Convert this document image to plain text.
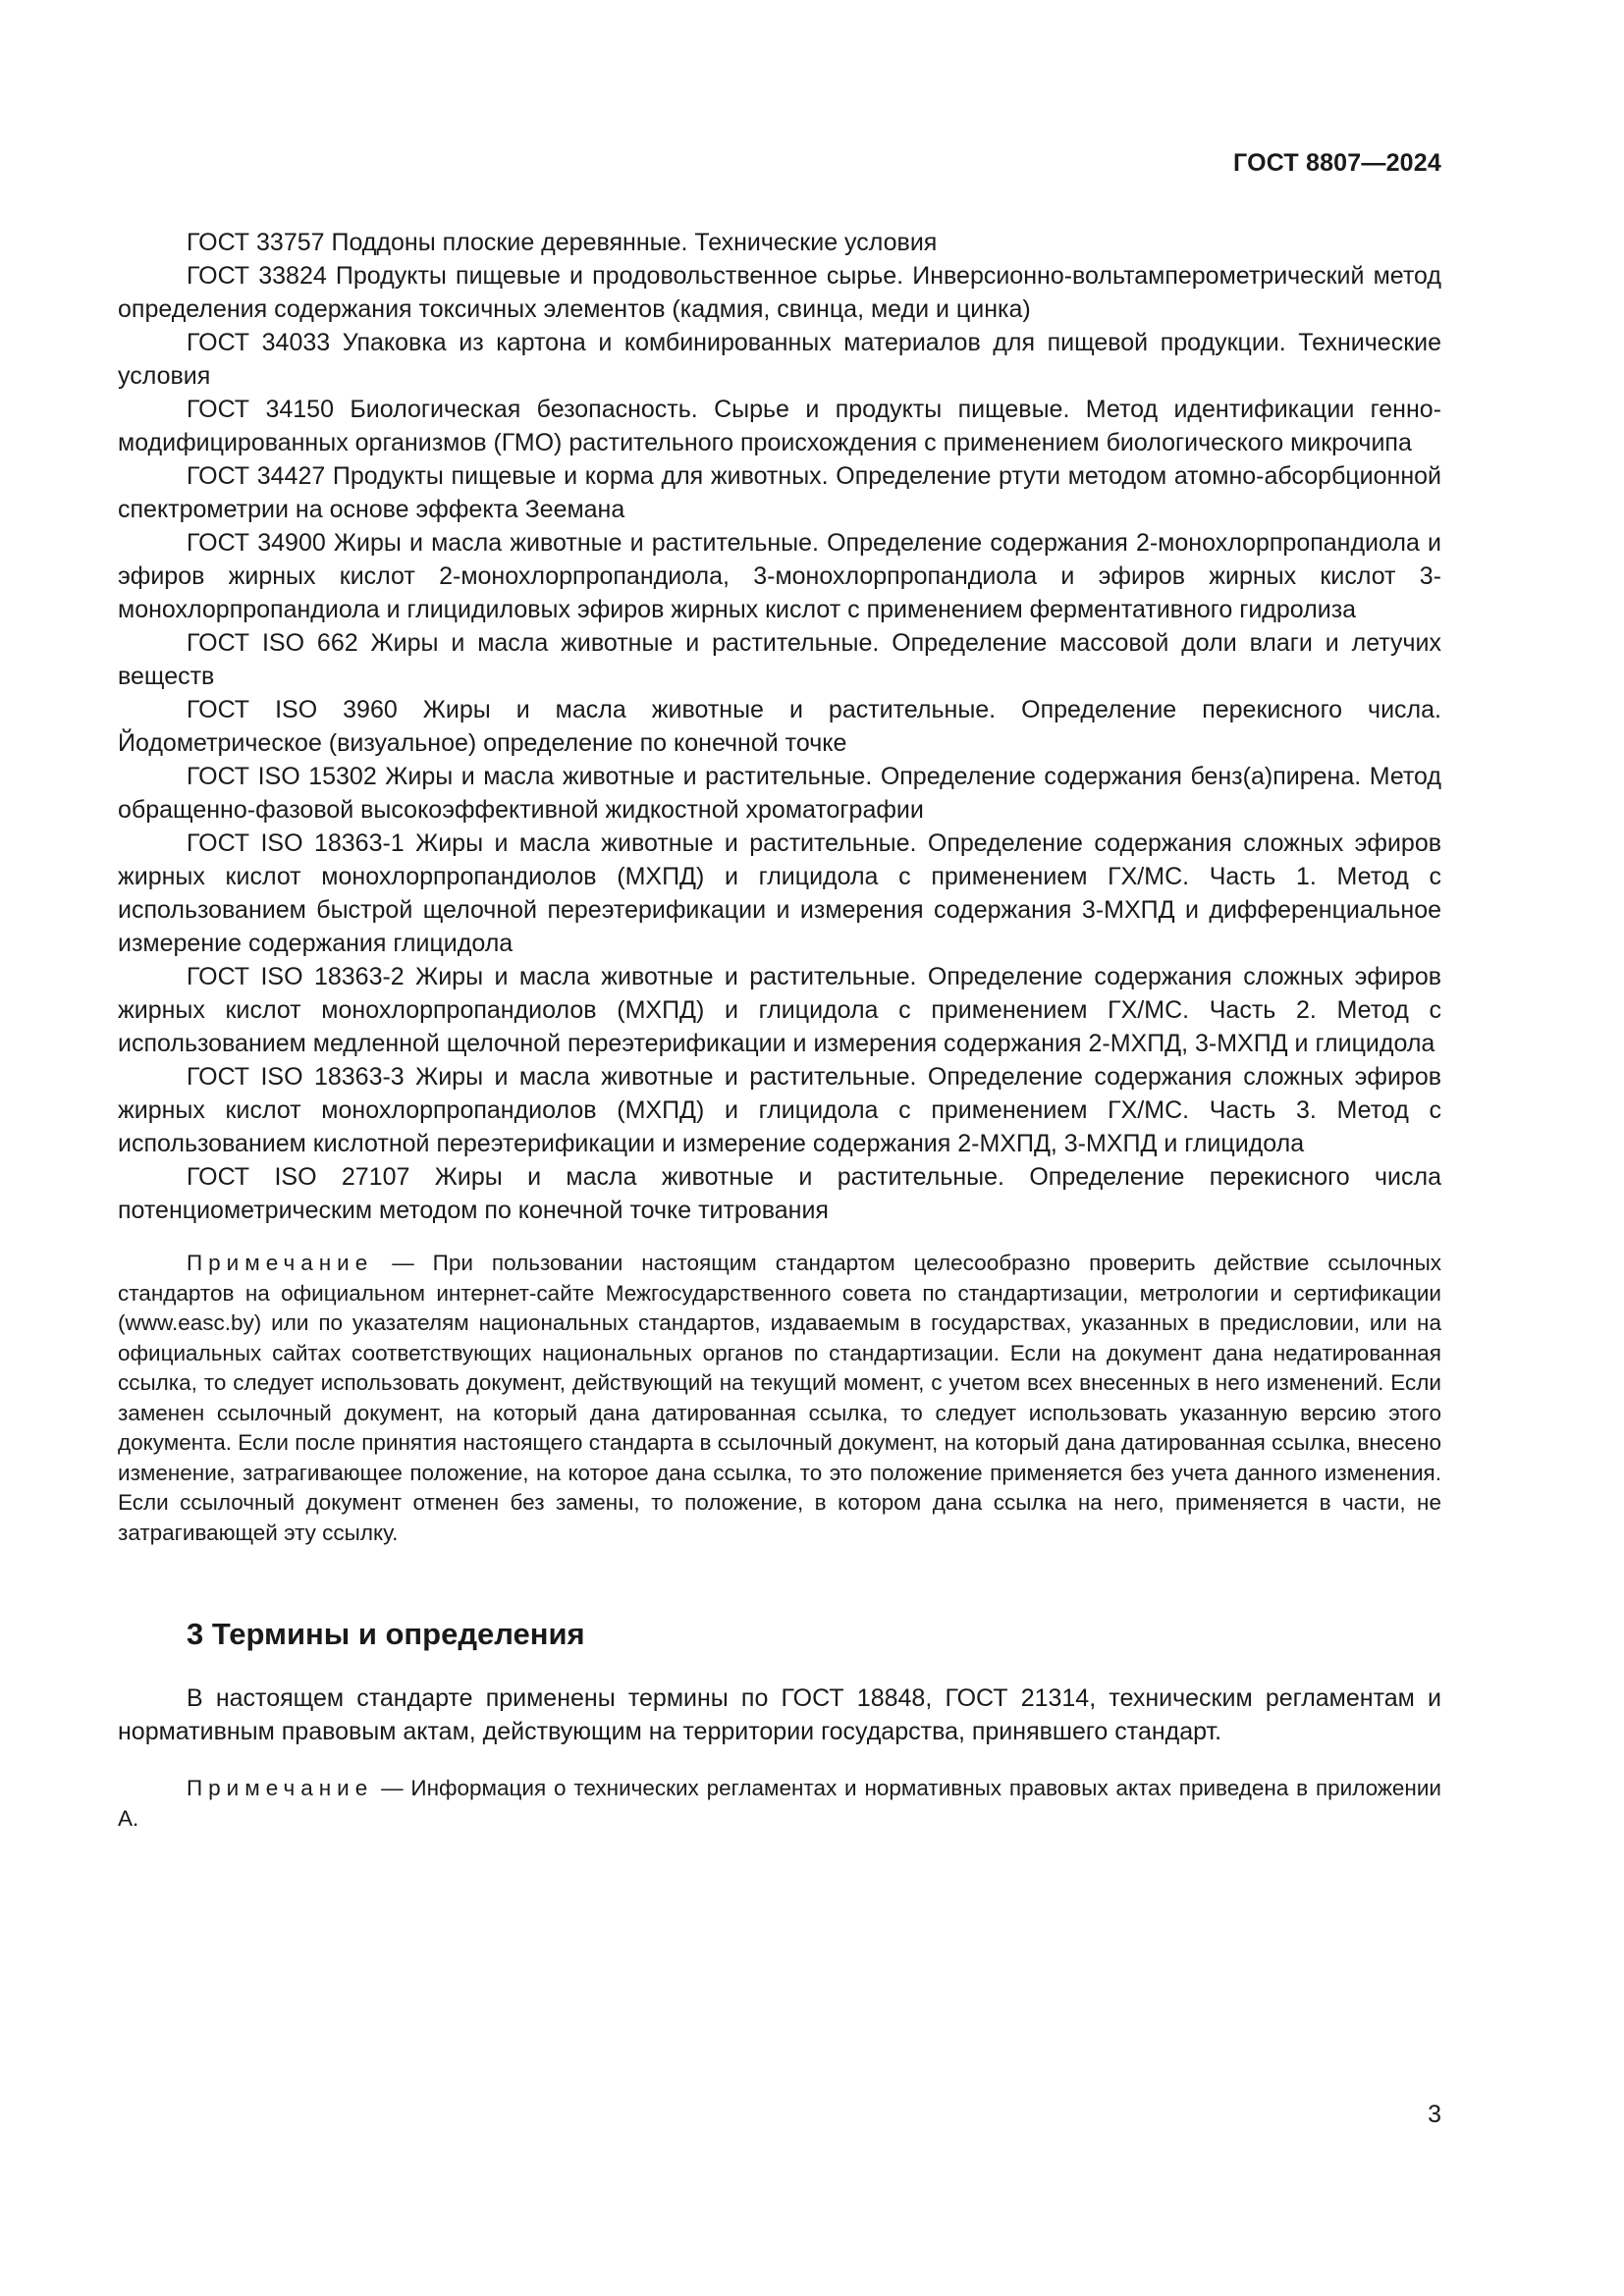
ГОСТ 8807—2024

ГОСТ 33757 Поддоны плоские деревянные. Технические условия

ГОСТ 33824 Продукты пищевые и продовольственное сырье. Инверсионно-вольтамперометрический метод определения содержания токсичных элементов (кадмия, свинца, меди и цинка)

ГОСТ 34033 Упаковка из картона и комбинированных материалов для пищевой продукции. Технические условия

ГОСТ 34150 Биологическая безопасность. Сырье и продукты пищевые. Метод идентификации генно-модифицированных организмов (ГМО) растительного происхождения с применением биологического микрочипа

ГОСТ 34427 Продукты пищевые и корма для животных. Определение ртути методом атомно-абсорбционной спектрометрии на основе эффекта Зеемана

ГОСТ 34900 Жиры и масла животные и растительные. Определение содержания 2-монохлорпропандиола и эфиров жирных кислот 2-монохлорпропандиола, 3-монохлорпропандиола и эфиров жирных кислот 3-монохлорпропандиола и глицидиловых эфиров жирных кислот с применением ферментативного гидролиза

ГОСТ ISO 662 Жиры и масла животные и растительные. Определение массовой доли влаги и летучих веществ

ГОСТ ISO 3960 Жиры и масла животные и растительные. Определение перекисного числа. Йодометрическое (визуальное) определение по конечной точке

ГОСТ ISO 15302 Жиры и масла животные и растительные. Определение содержания бенз(а)пирена. Метод обращенно-фазовой высокоэффективной жидкостной хроматографии

ГОСТ ISO 18363-1 Жиры и масла животные и растительные. Определение содержания сложных эфиров жирных кислот монохлорпропандиолов (МХПД) и глицидола с применением ГХ/МС. Часть 1. Метод с использованием быстрой щелочной переэтерификации и измерения содержания 3-МХПД и дифференциальное измерение содержания глицидола

ГОСТ ISO 18363-2 Жиры и масла животные и растительные. Определение содержания сложных эфиров жирных кислот монохлорпропандиолов (МХПД) и глицидола с применением ГХ/МС. Часть 2. Метод с использованием медленной щелочной переэтерификации и измерения содержания 2-МХПД, 3-МХПД и глицидола

ГОСТ ISO 18363-3 Жиры и масла животные и растительные. Определение содержания сложных эфиров жирных кислот монохлорпропандиолов (МХПД) и глицидола с применением ГХ/МС. Часть 3. Метод с использованием кислотной переэтерификации и измерение содержания 2-МХПД, 3-МХПД и глицидола

ГОСТ ISO 27107 Жиры и масла животные и растительные. Определение перекисного числа потенциометрическим методом по конечной точке титрования

Примечание — При пользовании настоящим стандартом целесообразно проверить действие ссылочных стандартов на официальном интернет-сайте Межгосударственного совета по стандартизации, метрологии и сертификации (www.easc.by) или по указателям национальных стандартов, издаваемым в государствах, указанных в предисловии, или на официальных сайтах соответствующих национальных органов по стандартизации. Если на документ дана недатированная ссылка, то следует использовать документ, действующий на текущий момент, с учетом всех внесенных в него изменений. Если заменен ссылочный документ, на который дана датированная ссылка, то следует использовать указанную версию этого документа. Если после принятия настоящего стандарта в ссылочный документ, на который дана датированная ссылка, внесено изменение, затрагивающее положение, на которое дана ссылка, то это положение применяется без учета данного изменения. Если ссылочный документ отменен без замены, то положение, в котором дана ссылка на него, применяется в части, не затрагивающей эту ссылку.

3 Термины и определения

В настоящем стандарте применены термины по ГОСТ 18848, ГОСТ 21314, техническим регламентам и нормативным правовым актам, действующим на территории государства, принявшего стандарт.

Примечание — Информация о технических регламентах и нормативных правовых актах приведена в приложении А.

3
